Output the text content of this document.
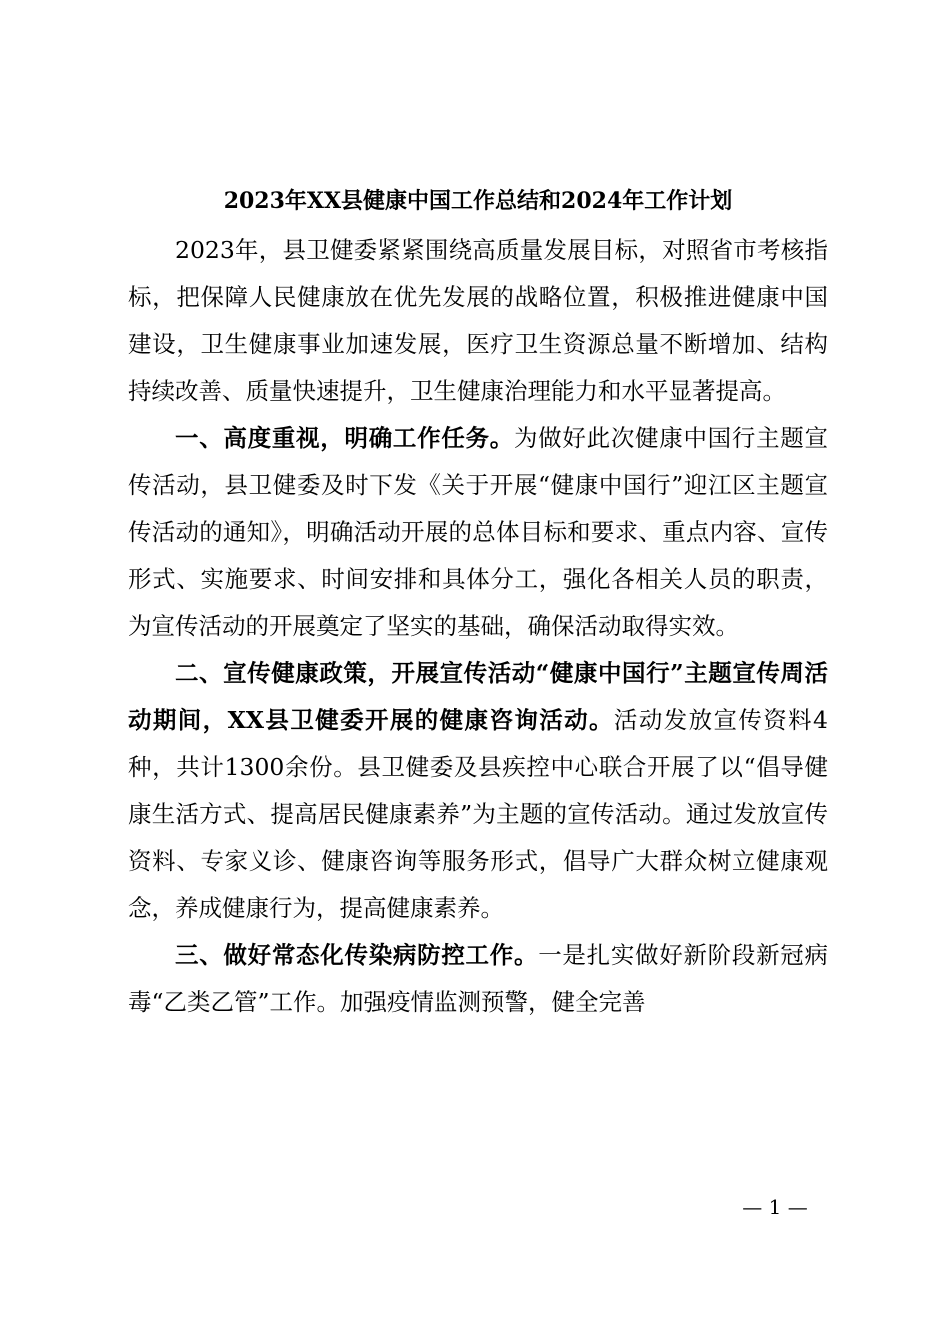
2023年XX县健康中国工作总结和2024年工作计划

2023年，县卫健委紧紧围绕高质量发展目标，对照省市考核指标，把保障人民健康放在优先发展的战略位置，积极推进健康中国建设，卫生健康事业加速发展，医疗卫生资源总量不断增加、结构持续改善、质量快速提升，卫生健康治理能力和水平显著提高。

一、高度重视，明确工作任务。为做好此次健康中国行主题宣传活动，县卫健委及时下发《关于开展“健康中国行”迎江区主题宣传活动的通知》，明确活动开展的总体目标和要求、重点内容、宣传形式、实施要求、时间安排和具体分工，强化各相关人员的职责，为宣传活动的开展奠定了坚实的基础，确保活动取得实效。

二、宣传健康政策，开展宣传活动“健康中国行”主题宣传周活动期间，XX县卫健委开展的健康咨询活动。活动发放宣传资料4种，共计1300余份。县卫健委及县疾控中心联合开展了以“倡导健康生活方式、提高居民健康素养”为主题的宣传活动。通过发放宣传资料、专家义诊、健康咨询等服务形式，倡导广大群众树立健康观念，养成健康行为，提高健康素养。

三、做好常态化传染病防控工作。一是扎实做好新阶段新冠病毒“乙类乙管”工作。加强疫情监测预警，健全完善

— 1 —
